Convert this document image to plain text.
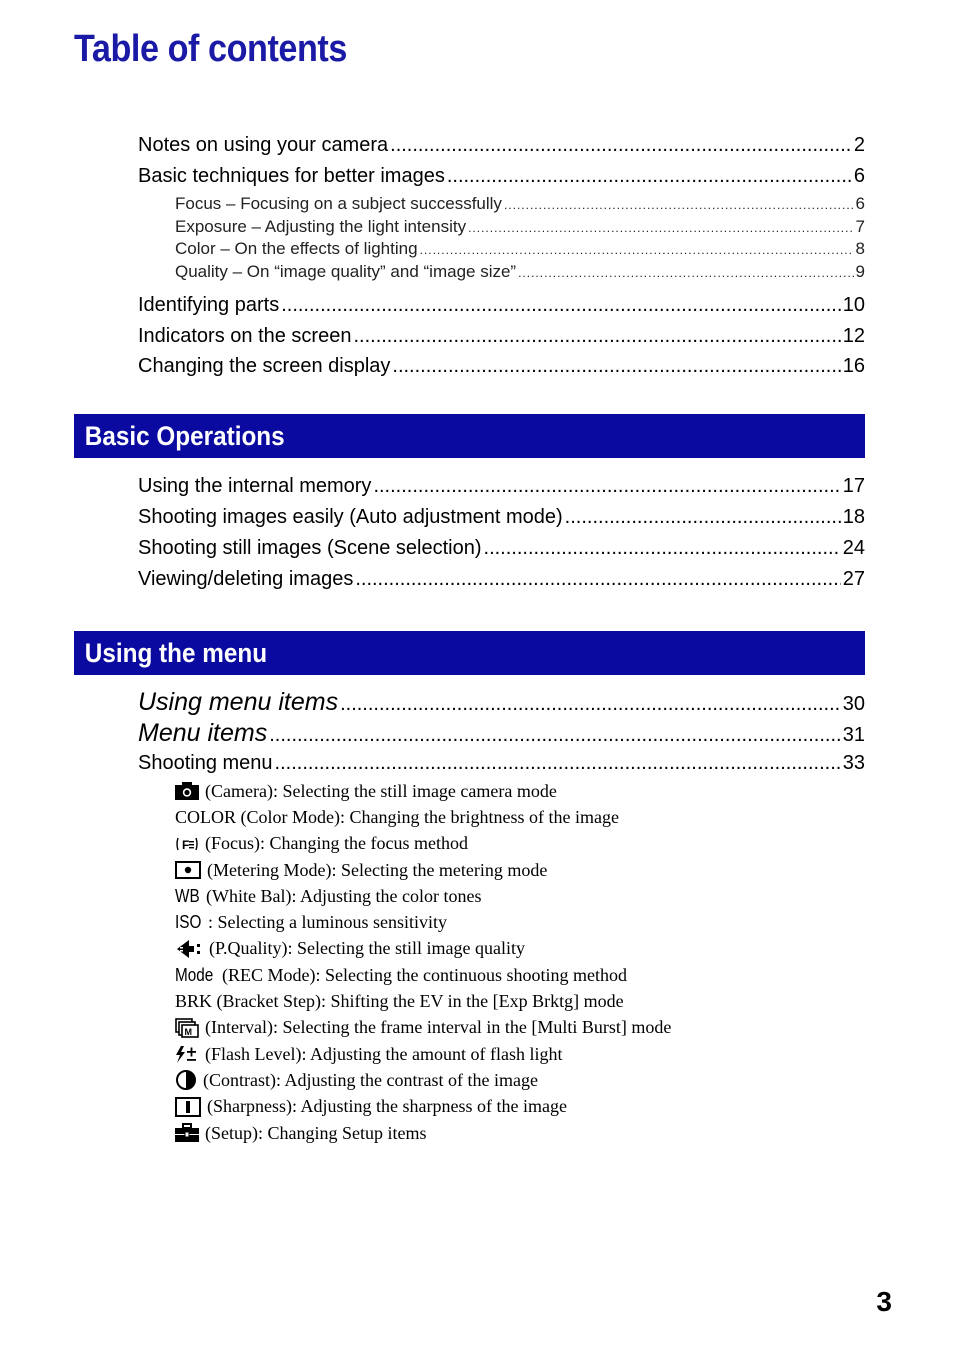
Table of contents
Notes on using your camera .....	2
Basic techniques for better images .....	6
Focus – Focusing on a subject successfully .....	6
Exposure – Adjusting the light intensity .....	7
Color – On the effects of lighting .....	8
Quality – On “image quality” and “image size” .....	9
Identifying parts .....	10
Indicators on the screen .....	12
Changing the screen display .....	16
Basic Operations
Using the internal memory .....	17
Shooting images easily (Auto adjustment mode) .....	18
Shooting still images (Scene selection) .....	24
Viewing/deleting images .....	27
Using the menu
Using menu items .....	30
Menu items .....	31
Shooting menu .....	33
(Camera): Selecting the still image camera mode
COLOR (Color Mode): Changing the brightness of the image
F (Focus): Changing the focus method
(Metering Mode): Selecting the metering mode
WB (White Bal): Adjusting the color tones
ISO : Selecting a luminous sensitivity
(P.Quality): Selecting the still image quality
Mode (REC Mode): Selecting the continuous shooting method
BRK (Bracket Step): Shifting the EV in the [Exp Brktg] mode
M (Interval): Selecting the frame interval in the [Multi Burst] mode
(Flash Level): Adjusting the amount of flash light
(Contrast): Adjusting the contrast of the image
(Sharpness): Adjusting the sharpness of the image
(Setup): Changing Setup items
3
